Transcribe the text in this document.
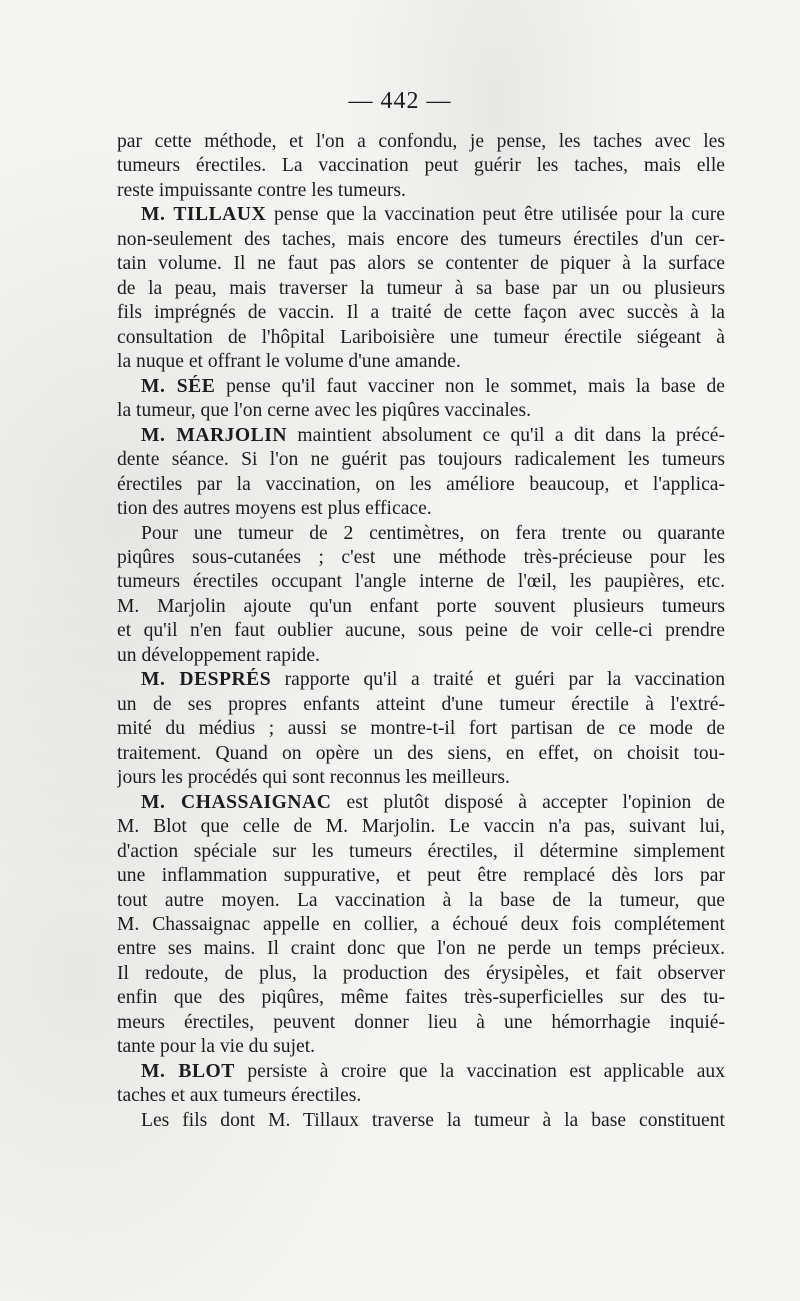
— 442 —
par cette méthode, et l'on a confondu, je pense, les taches avec les
tumeurs érectiles. La vaccination peut guérir les taches, mais elle
reste impuissante contre les tumeurs.
M. TILLAUX pense que la vaccination peut être utilisée pour la cure
non-seulement des taches, mais encore des tumeurs érectiles d'un cer-
tain volume. Il ne faut pas alors se contenter de piquer à la surface
de la peau, mais traverser la tumeur à sa base par un ou plusieurs
fils imprégnés de vaccin. Il a traité de cette façon avec succès à la
consultation de l'hôpital Lariboisière une tumeur érectile siégeant à
la nuque et offrant le volume d'une amande.
M. SÉE pense qu'il faut vacciner non le sommet, mais la base de
la tumeur, que l'on cerne avec les piqûres vaccinales.
M. MARJOLIN maintient absolument ce qu'il a dit dans la précé-
dente séance. Si l'on ne guérit pas toujours radicalement les tumeurs
érectiles par la vaccination, on les améliore beaucoup, et l'applica-
tion des autres moyens est plus efficace.
Pour une tumeur de 2 centimètres, on fera trente ou quarante
piqûres sous-cutanées ; c'est une méthode très-précieuse pour les
tumeurs érectiles occupant l'angle interne de l'œil, les paupières, etc.
M. Marjolin ajoute qu'un enfant porte souvent plusieurs tumeurs
et qu'il n'en faut oublier aucune, sous peine de voir celle-ci prendre
un développement rapide.
M. DESPRÉS rapporte qu'il a traité et guéri par la vaccination
un de ses propres enfants atteint d'une tumeur érectile à l'extré-
mité du médius ; aussi se montre-t-il fort partisan de ce mode de
traitement. Quand on opère un des siens, en effet, on choisit tou-
jours les procédés qui sont reconnus les meilleurs.
M. CHASSAIGNAC est plutôt disposé à accepter l'opinion de
M. Blot que celle de M. Marjolin. Le vaccin n'a pas, suivant lui,
d'action spéciale sur les tumeurs érectiles, il détermine simplement
une inflammation suppurative, et peut être remplacé dès lors par
tout autre moyen. La vaccination à la base de la tumeur, que
M. Chassaignac appelle en collier, a échoué deux fois complétement
entre ses mains. Il craint donc que l'on ne perde un temps précieux.
Il redoute, de plus, la production des érysipèles, et fait observer
enfin que des piqûres, même faites très-superficielles sur des tu-
meurs érectiles, peuvent donner lieu à une hémorrhagie inquié-
tante pour la vie du sujet.
M. BLOT persiste à croire que la vaccination est applicable aux
taches et aux tumeurs érectiles.
Les fils dont M. Tillaux traverse la tumeur à la base constituent
